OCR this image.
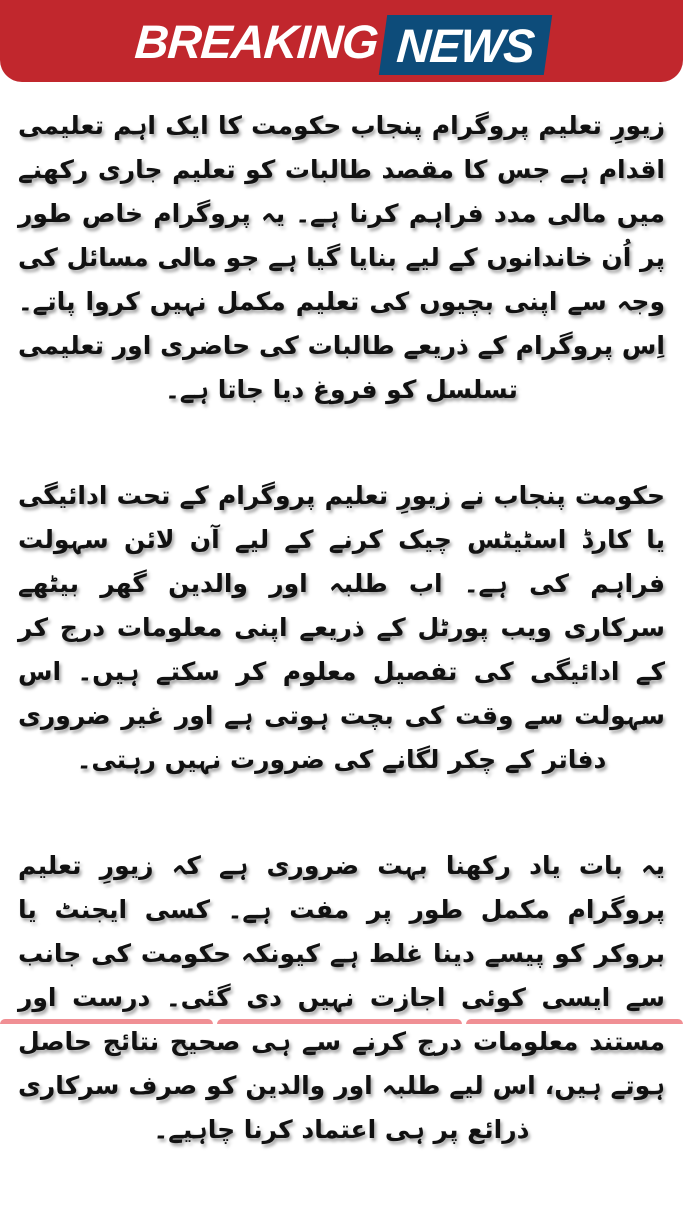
BREAKING NEWS

زیورِ تعلیم پروگرام پنجاب حکومت کا ایک اہم تعلیمی اقدام ہے جس کا مقصد طالبات کو تعلیم جاری رکھنے میں مالی مدد فراہم کرنا ہے۔ یہ پروگرام خاص طور پر اُن خاندانوں کے لیے بنایا گیا ہے جو مالی مسائل کی وجہ سے اپنی بچیوں کی تعلیم مکمل نہیں کروا پاتے۔ اِس پروگرام کے ذریعے طالبات کی حاضری اور تعلیمی تسلسل کو فروغ دیا جاتا ہے۔

حکومت پنجاب نے زیورِ تعلیم پروگرام کے تحت ادائیگی یا کارڈ اسٹیٹس چیک کرنے کے لیے آن لائن سہولت فراہم کی ہے۔ اب طلبہ اور والدین گھر بیٹھے سرکاری ویب پورٹل کے ذریعے اپنی معلومات درج کر کے ادائیگی کی تفصیل معلوم کر سکتے ہیں۔ اس سہولت سے وقت کی بچت ہوتی ہے اور غیر ضروری دفاتر کے چکر لگانے کی ضرورت نہیں رہتی۔

یہ بات یاد رکھنا بہت ضروری ہے کہ زیورِ تعلیم پروگرام مکمل طور پر مفت ہے۔ کسی ایجنٹ یا بروکر کو پیسے دینا غلط ہے کیونکہ حکومت کی جانب سے ایسی کوئی اجازت نہیں دی گئی۔ درست اور مستند معلومات درج کرنے سے ہی صحیح نتائج حاصل ہوتے ہیں، اس لیے طلبہ اور والدین کو صرف سرکاری ذرائع پر ہی اعتماد کرنا چاہیے۔
